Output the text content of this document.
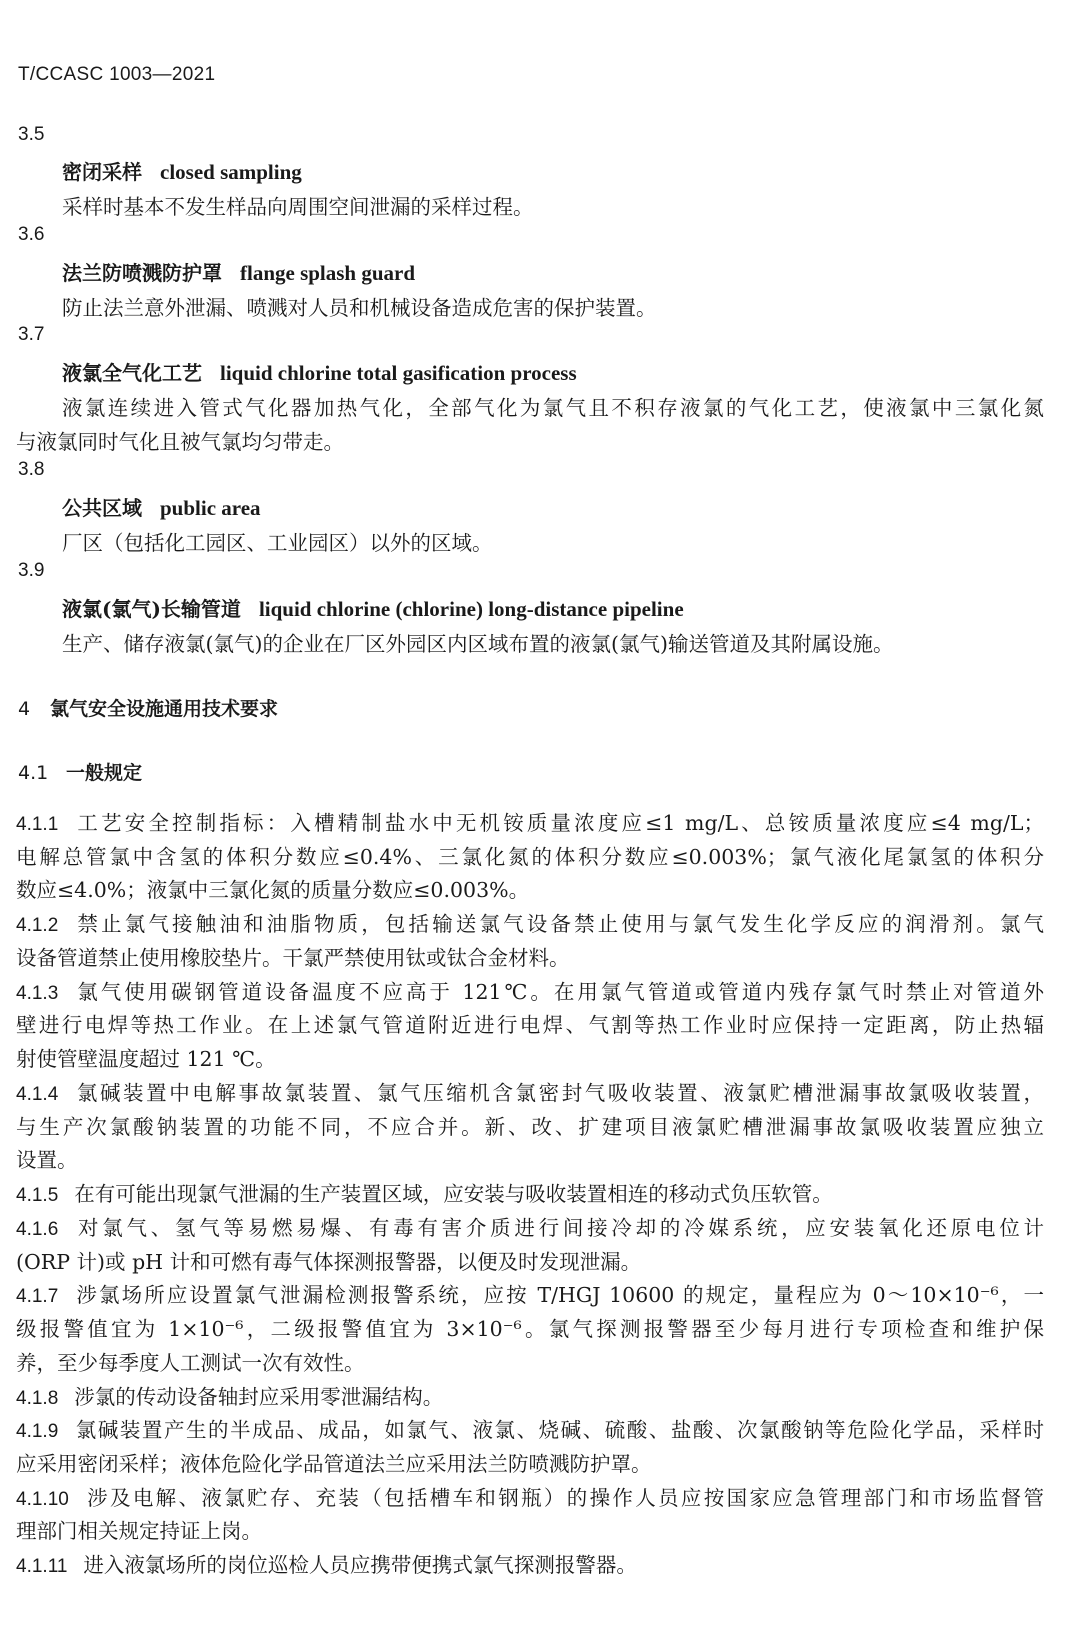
T/CCASC 1003—2021
3.5
密闭采样 closed sampling
采样时基本不发生样品向周围空间泄漏的采样过程。
3.6
法兰防喷溅防护罩 flange splash guard
防止法兰意外泄漏、喷溅对人员和机械设备造成危害的保护装置。
3.7
液氯全气化工艺 liquid chlorine total gasification process
液氯连续进入管式气化器加热气化，全部气化为氯气且不积存液氯的气化工艺，使液氯中三氯化氮
与液氯同时气化且被气氯均匀带走。
3.8
公共区域 public area
厂区（包括化工园区、工业园区）以外的区域。
3.9
液氯(氯气)长输管道 liquid chlorine (chlorine) long-distance pipeline
生产、储存液氯(氯气)的企业在厂区外园区内区域布置的液氯(氯气)输送管道及其附属设施。
4 氯气安全设施通用技术要求
4.1 一般规定
4.1.1 工艺安全控制指标：入槽精制盐水中无机铵质量浓度应≤1 mg/L、总铵质量浓度应≤4 mg/L；
电解总管氯中含氢的体积分数应≤0.4%、三氯化氮的体积分数应≤0.003%；氯气液化尾氯氢的体积分
数应≤4.0%；液氯中三氯化氮的质量分数应≤0.003%。
4.1.2 禁止氯气接触油和油脂物质，包括输送氯气设备禁止使用与氯气发生化学反应的润滑剂。氯气
设备管道禁止使用橡胶垫片。干氯严禁使用钛或钛合金材料。
4.1.3 氯气使用碳钢管道设备温度不应高于 121℃。在用氯气管道或管道内残存氯气时禁止对管道外
壁进行电焊等热工作业。在上述氯气管道附近进行电焊、气割等热工作业时应保持一定距离，防止热辐
射使管壁温度超过 121 ℃。
4.1.4 氯碱装置中电解事故氯装置、氯气压缩机含氯密封气吸收装置、液氯贮槽泄漏事故氯吸收装置，
与生产次氯酸钠装置的功能不同，不应合并。新、改、扩建项目液氯贮槽泄漏事故氯吸收装置应独立
设置。
4.1.5 在有可能出现氯气泄漏的生产装置区域，应安装与吸收装置相连的移动式负压软管。
4.1.6 对氯气、氢气等易燃易爆、有毒有害介质进行间接冷却的冷媒系统，应安装氧化还原电位计
(ORP 计)或 pH 计和可燃有毒气体探测报警器，以便及时发现泄漏。
4.1.7 涉氯场所应设置氯气泄漏检测报警系统，应按 T/HGJ 10600 的规定，量程应为 0～10×10⁻⁶，一
级报警值宜为 1×10⁻⁶，二级报警值宜为 3×10⁻⁶。氯气探测报警器至少每月进行专项检查和维护保
养，至少每季度人工测试一次有效性。
4.1.8 涉氯的传动设备轴封应采用零泄漏结构。
4.1.9 氯碱装置产生的半成品、成品，如氯气、液氯、烧碱、硫酸、盐酸、次氯酸钠等危险化学品，采样时
应采用密闭采样；液体危险化学品管道法兰应采用法兰防喷溅防护罩。
4.1.10 涉及电解、液氯贮存、充装（包括槽车和钢瓶）的操作人员应按国家应急管理部门和市场监督管
理部门相关规定持证上岗。
4.1.11 进入液氯场所的岗位巡检人员应携带便携式氯气探测报警器。
